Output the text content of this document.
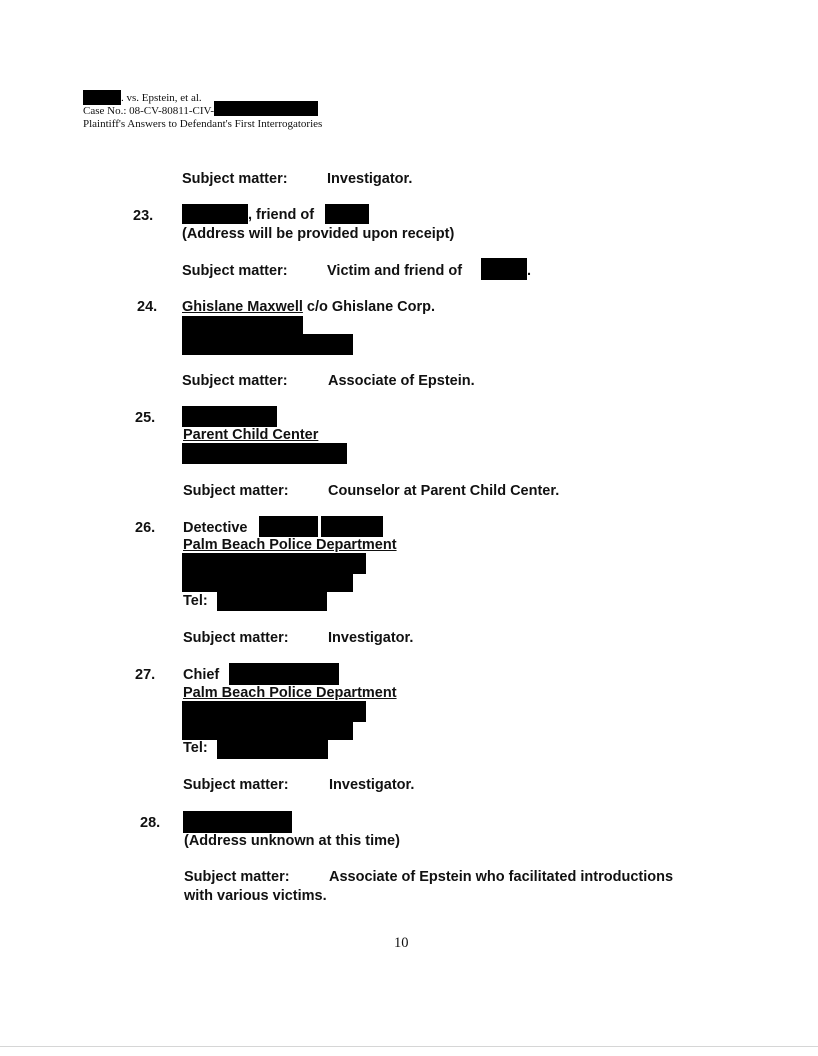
. vs. Epstein, et al.
Case No.: 08-CV-80811-CIV-
Plaintiff's Answers to Defendant's First Interrogatories
Subject matter:	Investigator.
23.	, friend of
(Address will be provided upon receipt)
Subject matter:	Victim and friend of	.
24. Ghislane Maxwell c/o Ghislane Corp.
Subject matter:	Associate of Epstein.
25.
Parent Child Center
Subject matter:	Counselor at Parent Child Center.
26. Detective
Palm Beach Police Department
Tel:
Subject matter:	Investigator.
27. Chief
Palm Beach Police Department
Tel:
Subject matter:	Investigator.
28.
(Address unknown at this time)
Subject matter:	Associate of Epstein who facilitated introductions
with various victims.
10
